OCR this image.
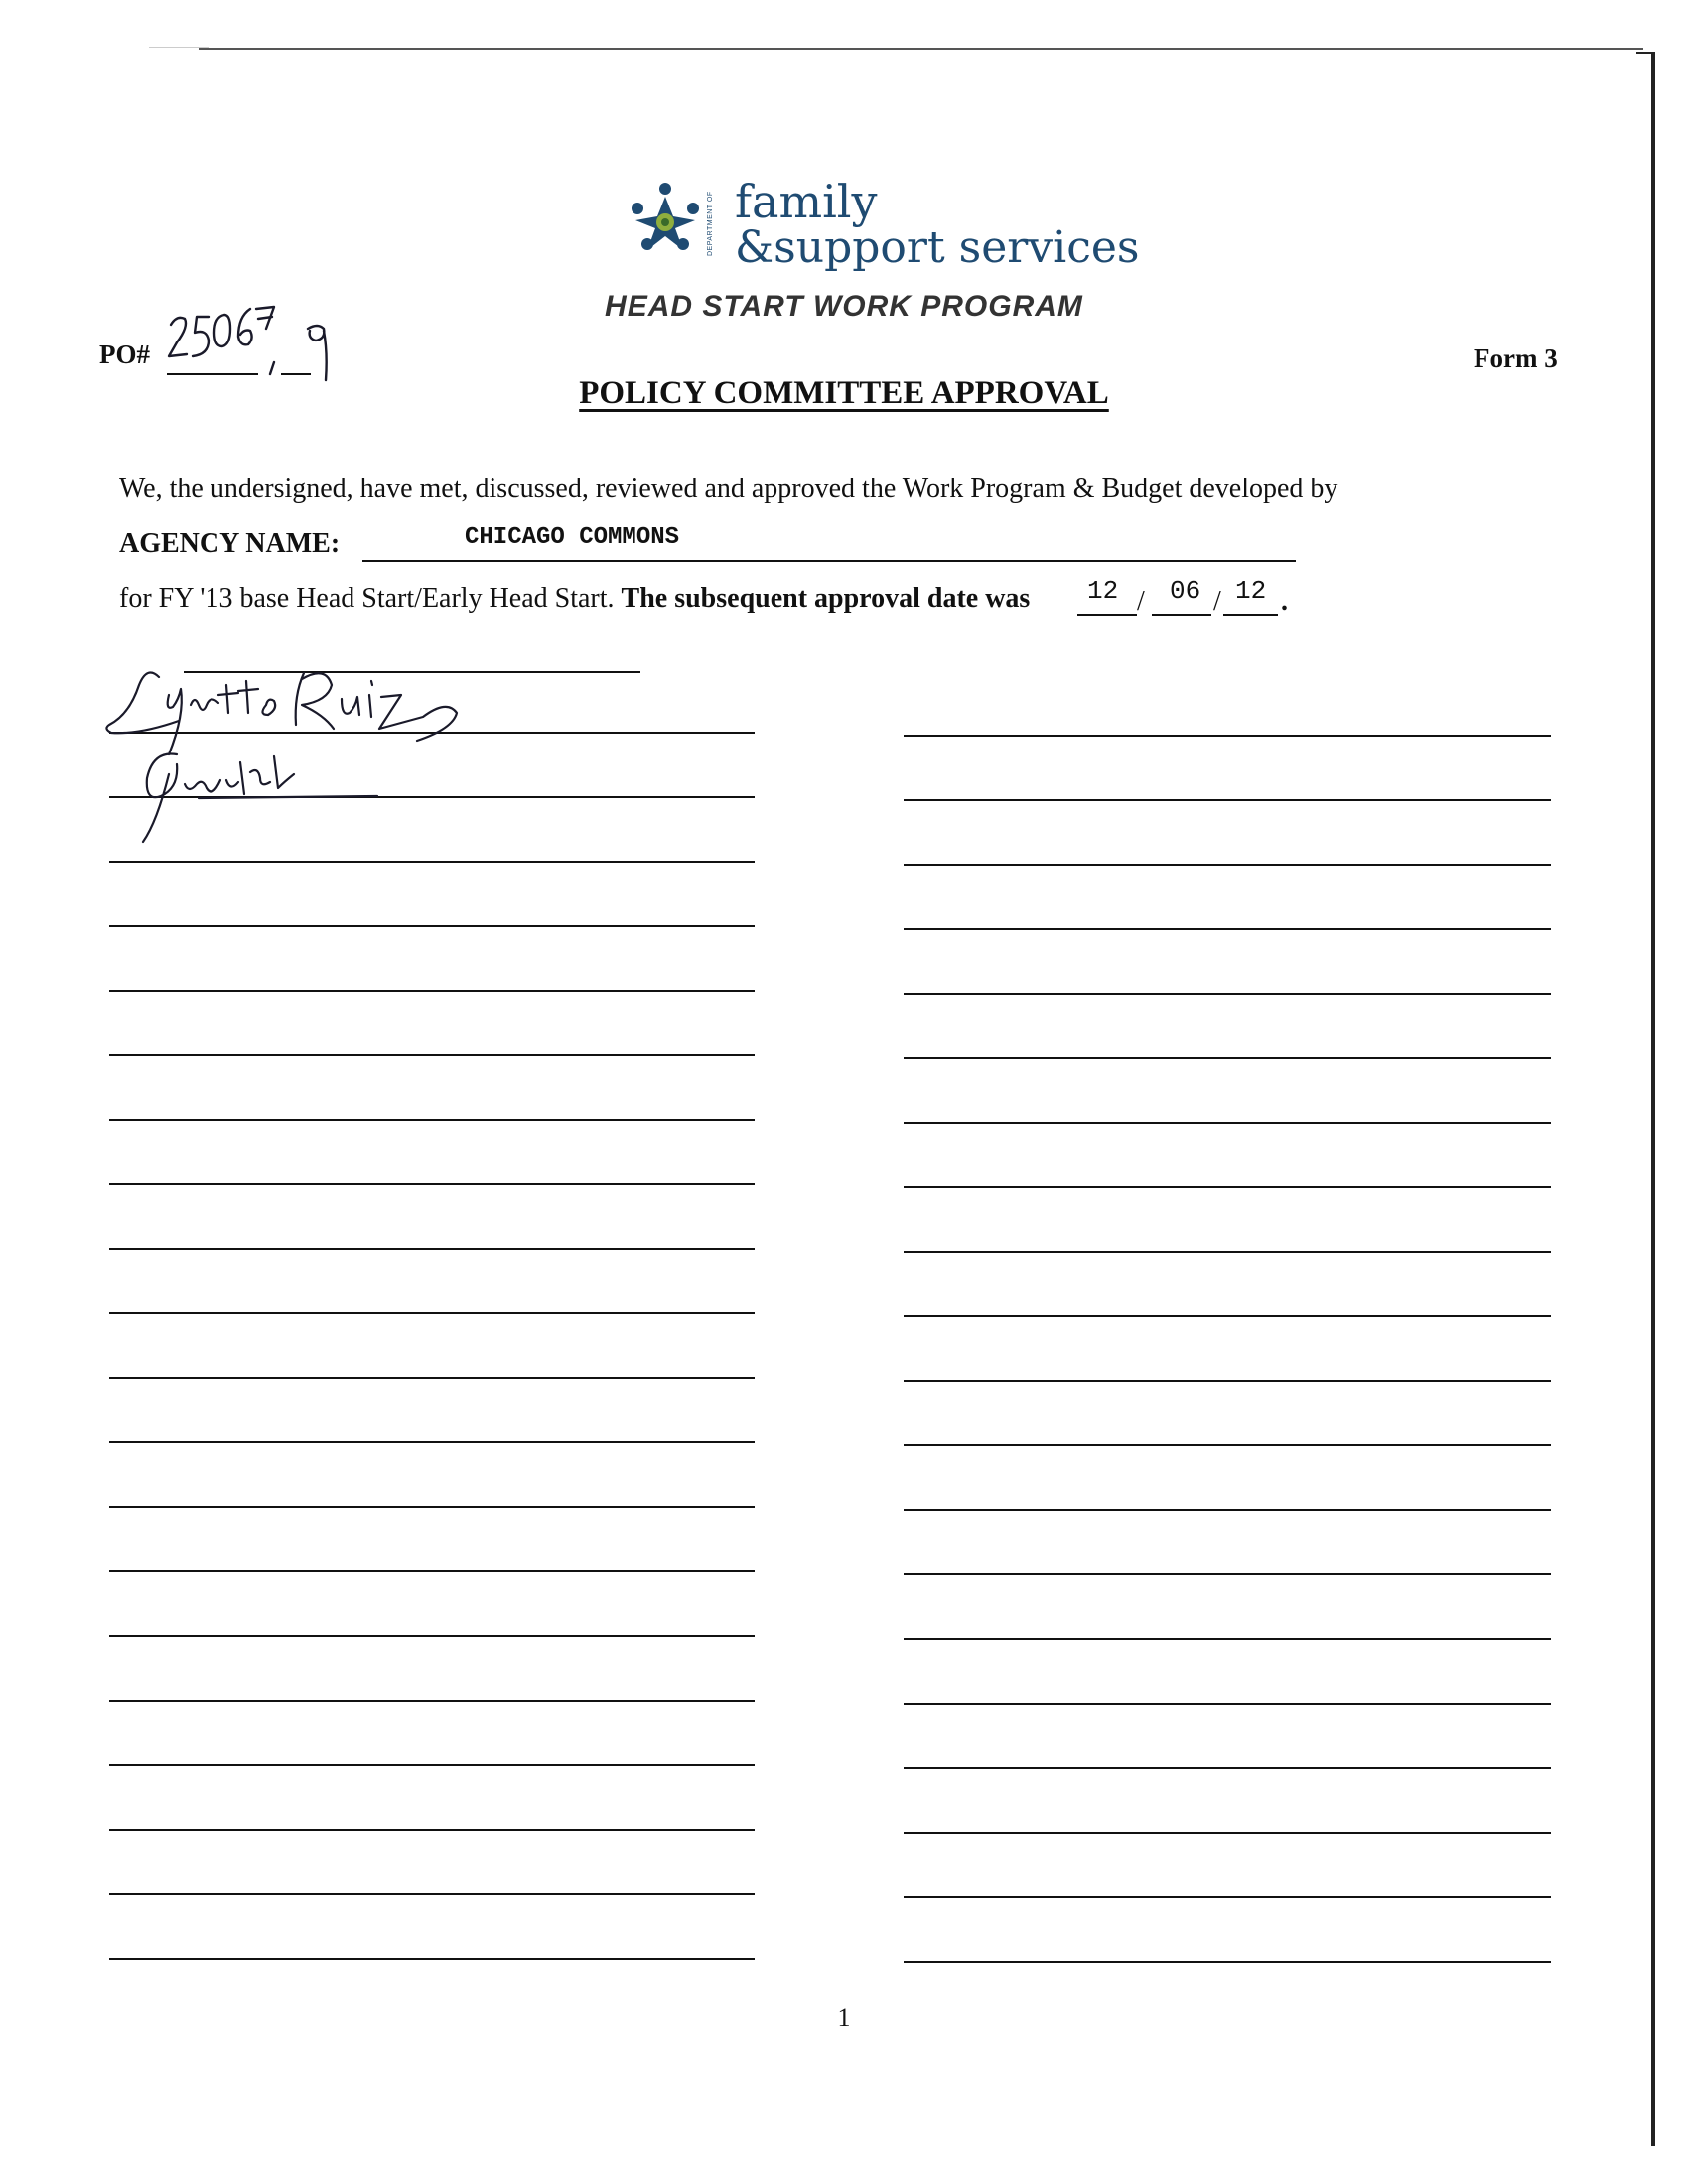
DEPARTMENT OF family
&support services
HEAD START WORK PROGRAM
PO#	Form 3
POLICY COMMITTEE APPROVAL
We, the undersigned, have met, discussed, reviewed and approved the Work Program & Budget developed by
AGENCY NAME:	CHICAGO COMMONS
for FY '13 base Head Start/Early Head Start. The subsequent approval date was 12 / 06 / 12 .
1
